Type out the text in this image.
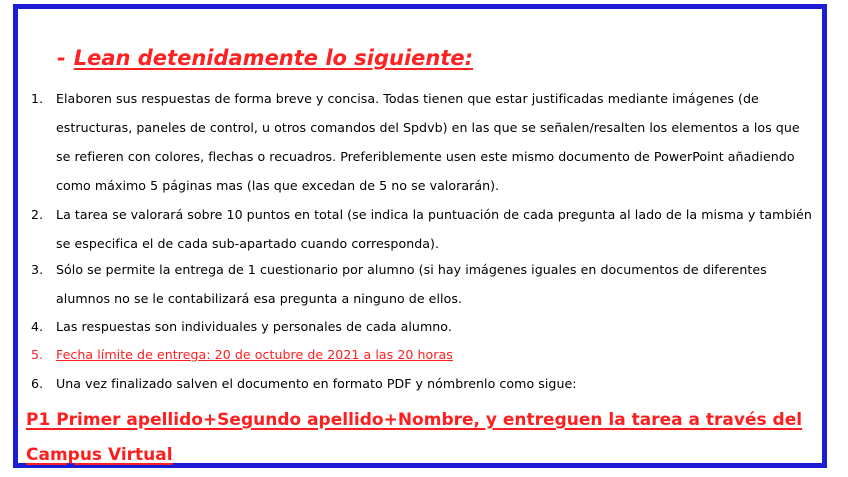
- Lean detenidamente lo siguiente:
1.	Elaboren sus respuestas de forma breve y concisa. Todas tienen que estar justificadas mediante imágenes (de estructuras, paneles de control, u otros comandos del Spdvb) en las que se señalen/resalten los elementos a los que se refieren con colores, flechas o recuadros. Preferiblemente usen este mismo documento de PowerPoint añadiendo como máximo 5 páginas mas (las que excedan de 5 no se valorarán).
2.	La tarea se valorará sobre 10 puntos en total (se indica la puntuación de cada pregunta al lado de la misma y también se especifica el de cada sub-apartado cuando corresponda).
3.	Sólo se permite la entrega de 1 cuestionario por alumno (si hay imágenes iguales en documentos de diferentes alumnos no se le contabilizará esa pregunta a ninguno de ellos.
4.	Las respuestas son individuales y personales de cada alumno.
5.	Fecha límite de entrega: 20 de octubre de 2021 a las 20 horas
6.	Una vez finalizado salven el documento en formato PDF y nómbrenlo como sigue:
P1 Primer apellido+Segundo apellido+Nombre, y entreguen la tarea a través del Campus Virtual
